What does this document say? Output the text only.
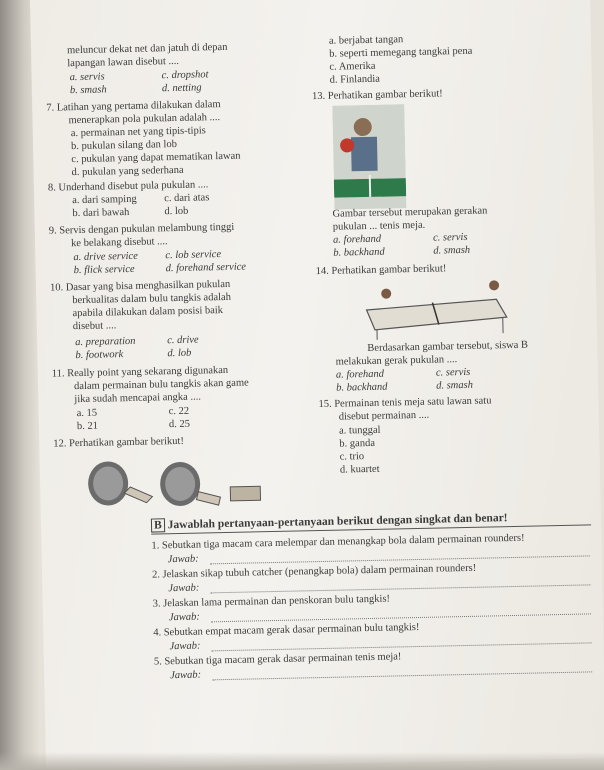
meluncur dekat net dan jatuh di depan
lapangan lawan disebut ....
a. servis	c. dropshot
b. smash	d. netting
7. Latihan yang pertama dilakukan dalam
menerapkan pola pukulan adalah ....
a. permainan net yang tipis-tipis
b. pukulan silang dan lob
c. pukulan yang dapat mematikan lawan
d. pukulan yang sederhana
8. Underhand disebut pula pukulan ....
a. dari samping	c. dari atas
b. dari bawah	d. lob
9. Servis dengan pukulan melambung tinggi
ke belakang disebut ....
a. drive service	c. lob service
b. flick service	d. forehand service
10. Dasar yang bisa menghasilkan pukulan
berkualitas dalam bulu tangkis adalah
apabila dilakukan dalam posisi baik
disebut ....
a. preparation	c. drive
b. footwork	d. lob
11. Really point yang sekarang digunakan
dalam permainan bulu tangkis akan game
jika sudah mencapai angka ....
a. 15	c. 22
b. 21	d. 25
12. Perhatikan gambar berikut!
a. berjabat tangan
b. seperti memegang tangkai pena
c. Amerika
d. Finlandia
13. Perhatikan gambar berikut!
Gambar tersebut merupakan gerakan
pukulan ... tenis meja.
a. forehand	c. servis
b. backhand	d. smash
14. Perhatikan gambar berikut!
Berdasarkan gambar tersebut, siswa B
melakukan gerak pukulan ....
a. forehand	c. servis
b. backhand	d. smash
15. Permainan tenis meja satu lawan satu
disebut permainan ....
a. tunggal
b. ganda
c. trio
d. kuartet
B Jawablah pertanyaan-pertanyaan berikut dengan singkat dan benar!
1. Sebutkan tiga macam cara melempar dan menangkap bola dalam permainan rounders!
Jawab:
2. Jelaskan sikap tubuh catcher (penangkap bola) dalam permainan rounders!
Jawab:
3. Jelaskan lama permainan dan penskoran bulu tangkis!
Jawab:
4. Sebutkan empat macam gerak dasar permainan bulu tangkis!
Jawab:
5. Sebutkan tiga macam gerak dasar permainan tenis meja!
Jawab:
